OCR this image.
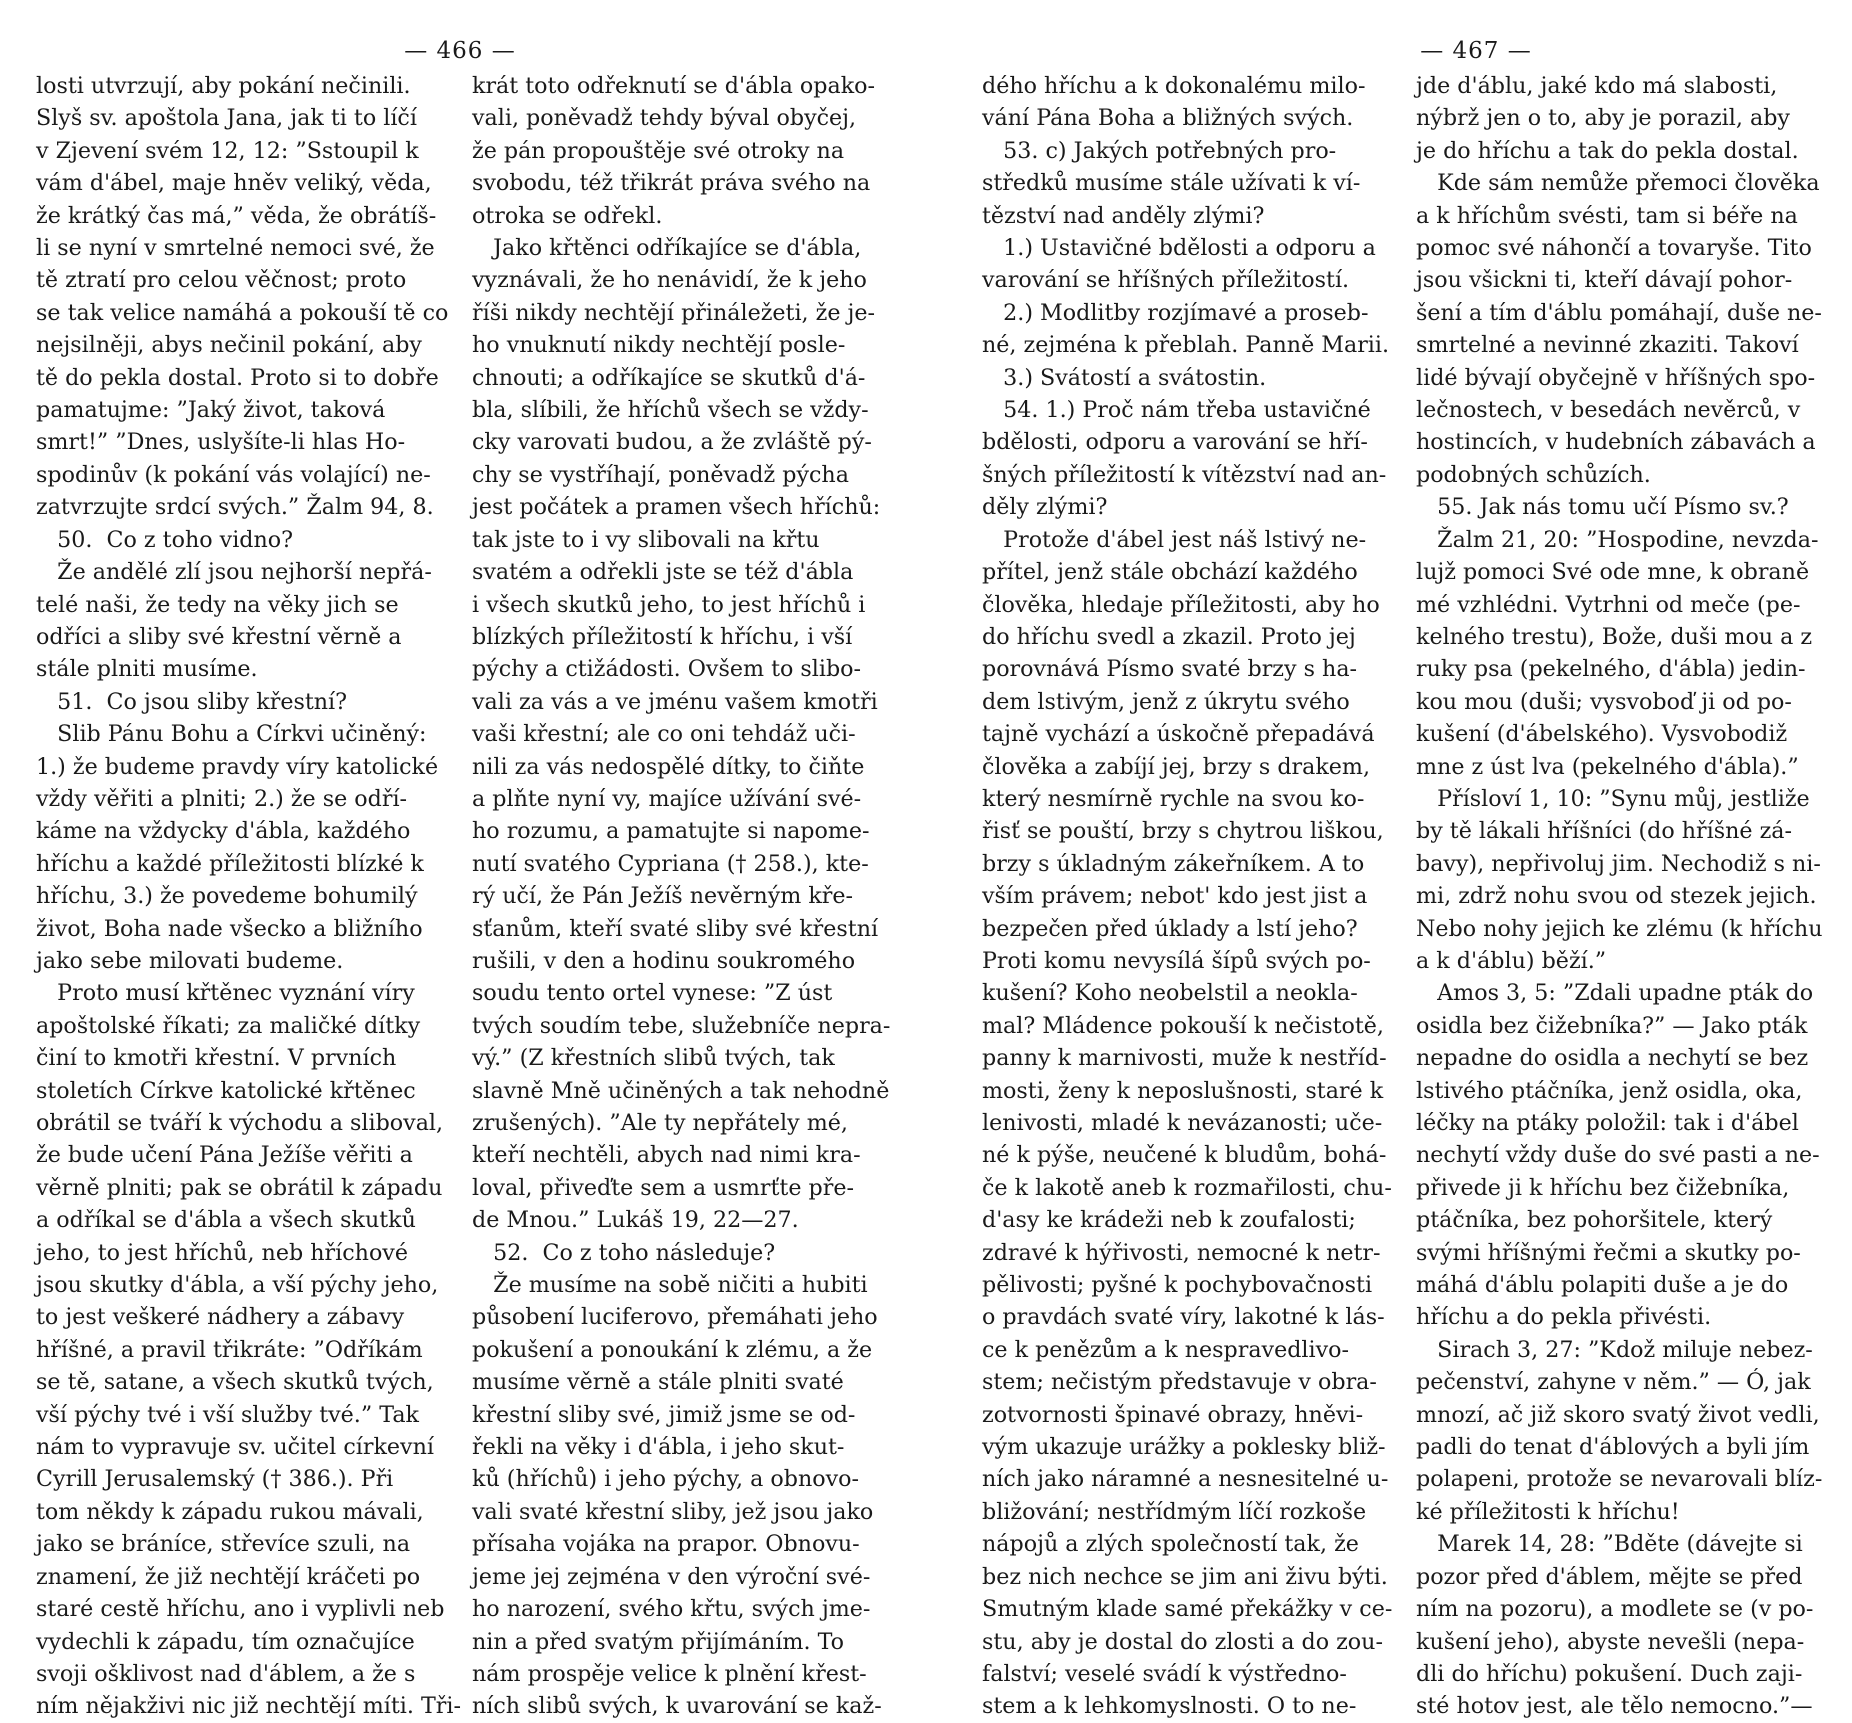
— 466 —
losti utvrzují, aby pokání nečinili.
Slyš sv. apoštola Jana, jak ti to líčí
v Zjevení svém 12, 12: ”Sstoupil k
vám d'ábel, maje hněv veliký, věda,
že krátký čas má,” věda, že obrátíš-
li se nyní v smrtelné nemoci své, že
tě ztratí pro celou věčnost; proto
se tak velice namáhá a pokouší tě co
nejsilněji, abys nečinil pokání, aby
tě do pekla dostal. Proto si to dobře
pamatujme: ”Jaký život, taková
smrt!” ”Dnes, uslyšíte-li hlas Ho-
spodinův (k pokání vás volající) ne-
zatvrzujte srdcí svých.” Žalm 94, 8.
50.  Co z toho vidno?
Že andělé zlí jsou nejhorší nepřá-
telé naši, že tedy na věky jich se
odříci a sliby své křestní věrně a
stále plniti musíme.
51.  Co jsou sliby křestní?
Slib Pánu Bohu a Církvi učiněný:
1.) že budeme pravdy víry katolické
vždy věřiti a plniti; 2.) že se odří-
káme na vždycky d'ábla, každého
hříchu a každé příležitosti blízké k
hříchu, 3.) že povedeme bohumilý
život, Boha nade všecko a bližního
jako sebe milovati budeme.
Proto musí křtěnec vyznání víry
apoštolské říkati; za maličké dítky
činí to kmotři křestní. V prvních
stoletích Církve katolické křtěnec
obrátil se tváří k východu a sliboval,
že bude učení Pána Ježíše věřiti a
věrně plniti; pak se obrátil k západu
a odříkal se d'ábla a všech skutků
jeho, to jest hříchů, neb hříchové
jsou skutky d'ábla, a vší pýchy jeho,
to jest veškeré nádhery a zábavy
hříšné, a pravil třikráte: ”Odříkám
se tě, satane, a všech skutků tvých,
vší pýchy tvé i vší služby tvé.” Tak
nám to vypravuje sv. učitel církevní
Cyrill Jerusalemský († 386.). Při
tom někdy k západu rukou mávali,
jako se bráníce, střevíce szuli, na
znamení, že již nechtějí kráčeti po
staré cestě hříchu, ano i vyplivli neb
vydechli k západu, tím označujíce
svoji ošklivost nad d'áblem, a že s
ním nějakživi nic již nechtějí míti. Tři-
krát toto odřeknutí se d'ábla opako-
vali, poněvadž tehdy býval obyčej,
že pán propouštěje své otroky na
svobodu, též třikrát práva svého na
otroka se odřekl.
Jako křtěnci odříkajíce se d'ábla,
vyznávali, že ho nenávidí, že k jeho
říši nikdy nechtějí přináležeti, že je-
ho vnuknutí nikdy nechtějí posle-
chnouti; a odříkajíce se skutků d'á-
bla, slíbili, že hříchů všech se vždy-
cky varovati budou, a že zvláště pý-
chy se vystříhají, poněvadž pýcha
jest počátek a pramen všech hříchů:
tak jste to i vy slibovali na křtu
svatém a odřekli jste se též d'ábla
i všech skutků jeho, to jest hříchů i
blízkých příležitostí k hříchu, i vší
pýchy a ctižádosti. Ovšem to slibo-
vali za vás a ve jménu vašem kmotři
vaši křestní; ale co oni tehdáž uči-
nili za vás nedospělé dítky, to čiňte
a plňte nyní vy, majíce užívání své-
ho rozumu, a pamatujte si napome-
nutí svatého Cypriana († 258.), kte-
rý učí, že Pán Ježíš nevěrným kře-
sťanům, kteří svaté sliby své křestní
rušili, v den a hodinu soukromého
soudu tento ortel vynese: ”Z úst
tvých soudím tebe, služebníče nepra-
vý.” (Z křestních slibů tvých, tak
slavně Mně učiněných a tak nehodně
zrušených). ”Ale ty nepřátely mé,
kteří nechtěli, abych nad nimi kra-
loval, přiveďte sem a usmrťte pře-
de Mnou.” Lukáš 19, 22—27.
52.  Co z toho následuje?
Že musíme na sobě ničiti a hubiti
působení luciferovo, přemáhati jeho
pokušení a ponoukání k zlému, a že
musíme věrně a stále plniti svaté
křestní sliby své, jimiž jsme se od-
řekli na věky i d'ábla, i jeho skut-
ků (hříchů) i jeho pýchy, a obnovo-
vali svaté křestní sliby, jež jsou jako
přísaha vojáka na prapor. Obnovu-
jeme jej zejména v den výroční své-
ho narození, svého křtu, svých jme-
nin a před svatým přijímáním. To
nám prospěje velice k plnění křest-
ních slibů svých, k uvarování se kaž-
— 467 —
dého hříchu a k dokonalému milo-
vání Pána Boha a bližných svých.
53. c) Jakých potřebných pro-
středků musíme stále užívati k ví-
tězství nad anděly zlými?
1.) Ustavičné bdělosti a odporu a
varování se hříšných příležitostí.
2.) Modlitby rozjímavé a proseb-
né, zejména k přeblah. Panně Marii.
3.) Svátostí a svátostin.
54. 1.) Proč nám třeba ustavičné
bdělosti, odporu a varování se hří-
šných příležitostí k vítězství nad an-
děly zlými?
Protože d'ábel jest náš lstivý ne-
přítel, jenž stále obchází každého
člověka, hledaje příležitosti, aby ho
do hříchu svedl a zkazil. Proto jej
porovnává Písmo svaté brzy s ha-
dem lstivým, jenž z úkrytu svého
tajně vychází a úskočně přepadává
člověka a zabíjí jej, brzy s drakem,
který nesmírně rychle na svou ko-
řisť se pouští, brzy s chytrou liškou,
brzy s úkladným zákeřníkem. A to
vším právem; nebot' kdo jest jist a
bezpečen před úklady a lstí jeho?
Proti komu nevysílá šípů svých po-
kušení? Koho neobelstil a neokla-
mal? Mládence pokouší k nečistotě,
panny k marnivosti, muže k nestříd-
mosti, ženy k neposlušnosti, staré k
lenivosti, mladé k nevázanosti; uče-
né k pýše, neučené k bludům, bohá-
če k lakotě aneb k rozmařilosti, chu-
d'asy ke krádeži neb k zoufalosti;
zdravé k hýřivosti, nemocné k netr-
pělivosti; pyšné k pochybovačnosti
o pravdách svaté víry, lakotné k lás-
ce k penězům a k nespravedlivo-
stem; nečistým představuje v obra-
zotvornosti špinavé obrazy, hněvi-
vým ukazuje urážky a poklesky bliž-
ních jako náramné a nesnesitelné u-
bližování; nestřídmým líčí rozkoše
nápojů a zlých společností tak, že
bez nich nechce se jim ani živu býti.
Smutným klade samé překážky v ce-
stu, aby je dostal do zlosti a do zou-
falství; veselé svádí k výstředno-
stem a k lehkomyslnosti. O to ne-
jde d'áblu, jaké kdo má slabosti,
nýbrž jen o to, aby je porazil, aby
je do hříchu a tak do pekla dostal.
Kde sám nemůže přemoci člověka
a k hříchům svésti, tam si béře na
pomoc své náhončí a tovaryše. Tito
jsou všickni ti, kteří dávají pohor-
šení a tím d'áblu pomáhají, duše ne-
smrtelné a nevinné zkaziti. Takoví
lidé bývají obyčejně v hříšných spo-
lečnostech, v besedách nevěrců, v
hostincích, v hudebních zábavách a
podobných schůzích.
55. Jak nás tomu učí Písmo sv.?
Žalm 21, 20: ”Hospodine, nevzda-
lujž pomoci Své ode mne, k obraně
mé vzhlédni. Vytrhni od meče (pe-
kelného trestu), Bože, duši mou a z
ruky psa (pekelného, d'ábla) jedin-
kou mou (duši; vysvoboď ji od po-
kušení (d'ábelského). Vysvobodiž
mne z úst lva (pekelného d'ábla).”
Přísloví 1, 10: ”Synu můj, jestliže
by tě lákali hříšníci (do hříšné zá-
bavy), nepřivoluj jim. Nechodiž s ni-
mi, zdrž nohu svou od stezek jejich.
Nebo nohy jejich ke zlému (k hříchu
a k d'áblu) běží.”
Amos 3, 5: ”Zdali upadne pták do
osidla bez čižebníka?” — Jako pták
nepadne do osidla a nechytí se bez
lstivého ptáčníka, jenž osidla, oka,
léčky na ptáky položil: tak i d'ábel
nechytí vždy duše do své pasti a ne-
přivede ji k hříchu bez čižebníka,
ptáčníka, bez pohoršitele, který
svými hříšnými řečmi a skutky po-
máhá d'áblu polapiti duše a je do
hříchu a do pekla přivésti.
Sirach 3, 27: ”Kdož miluje nebez-
pečenství, zahyne v něm.” — Ó, jak
mnozí, ač již skoro svatý život vedli,
padli do tenat d'áblových a byli jím
polapeni, protože se nevarovali blíz-
ké příležitosti k hříchu!
Marek 14, 28: ”Bděte (dávejte si
pozor před d'áblem, mějte se před
ním na pozoru), a modlete se (v po-
kušení jeho), abyste nevešli (nepa-
dli do hříchu) pokušení. Duch zaji-
sté hotov jest, ale tělo nemocno.”—
